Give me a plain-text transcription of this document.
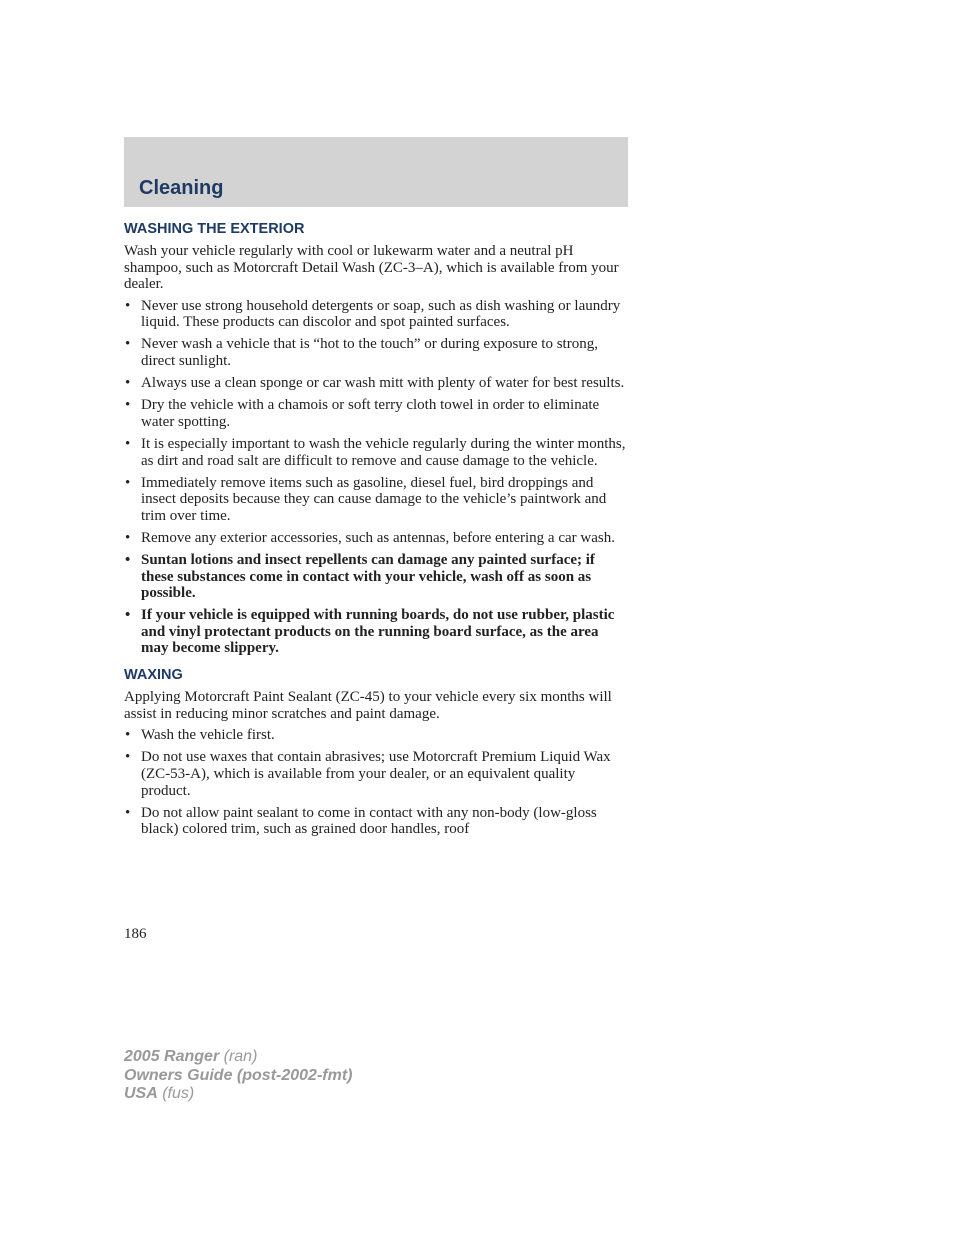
Cleaning
WASHING THE EXTERIOR

Wash your vehicle regularly with cool or lukewarm water and a neutral pH shampoo, such as Motorcraft Detail Wash (ZC-3–A), which is available from your dealer.

• Never use strong household detergents or soap, such as dish washing or laundry liquid. These products can discolor and spot painted surfaces.
• Never wash a vehicle that is “hot to the touch” or during exposure to strong, direct sunlight.
• Always use a clean sponge or car wash mitt with plenty of water for best results.
• Dry the vehicle with a chamois or soft terry cloth towel in order to eliminate water spotting.
• It is especially important to wash the vehicle regularly during the winter months, as dirt and road salt are difficult to remove and cause damage to the vehicle.
• Immediately remove items such as gasoline, diesel fuel, bird droppings and insect deposits because they can cause damage to the vehicle’s paintwork and trim over time.
• Remove any exterior accessories, such as antennas, before entering a car wash.
• Suntan lotions and insect repellents can damage any painted surface; if these substances come in contact with your vehicle, wash off as soon as possible.
• If your vehicle is equipped with running boards, do not use rubber, plastic and vinyl protectant products on the running board surface, as the area may become slippery.
WAXING

Applying Motorcraft Paint Sealant (ZC-45) to your vehicle every six months will assist in reducing minor scratches and paint damage.

• Wash the vehicle first.
• Do not use waxes that contain abrasives; use Motorcraft Premium Liquid Wax (ZC-53-A), which is available from your dealer, or an equivalent quality product.
• Do not allow paint sealant to come in contact with any non-body (low-gloss black) colored trim, such as grained door handles, roof
186
2005 Ranger (ran)
Owners Guide (post-2002-fmt)
USA (fus)
